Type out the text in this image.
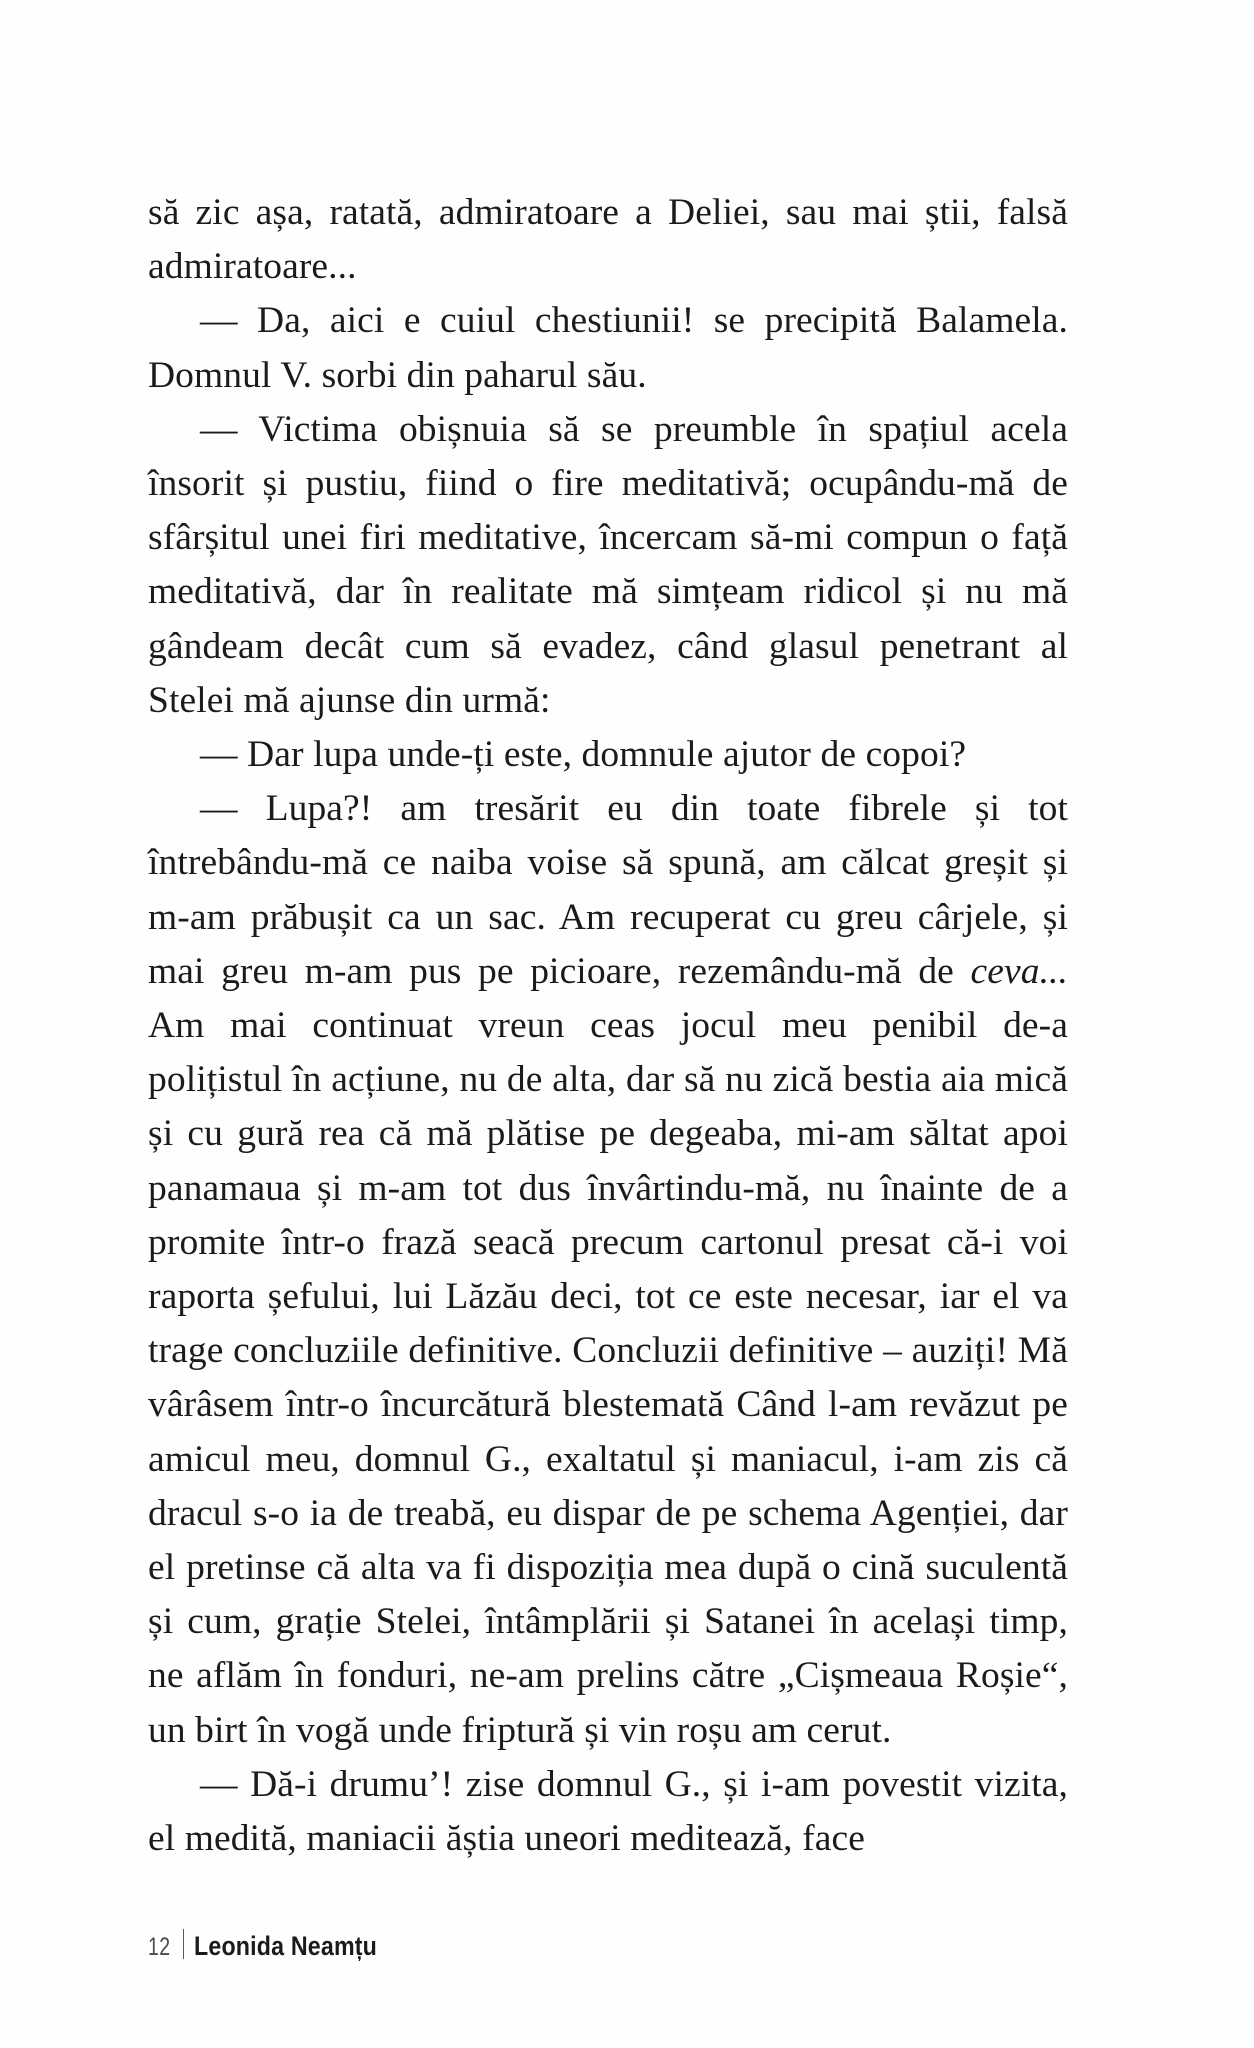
să zic așa, ratată, admiratoare a Deliei, sau mai știi, falsă admiratoare...

— Da, aici e cuiul chestiunii! se precipită Balamela. Domnul V. sorbi din paharul său.

— Victima obișnuia să se preumble în spațiul acela însorit și pustiu, fiind o fire meditativă; ocupându-mă de sfârșitul unei firi meditative, încercam să-mi compun o față meditativă, dar în realitate mă simțeam ridicol și nu mă gândeam decât cum să evadez, când glasul penetrant al Stelei mă ajunse din urmă:

— Dar lupa unde-ți este, domnule ajutor de copoi?

— Lupa?! am tresărit eu din toate fibrele și tot întrebându-mă ce naiba voise să spună, am călcat greșit și m-am prăbușit ca un sac. Am recuperat cu greu cârjele, și mai greu m-am pus pe picioare, rezemându-mă de ceva... Am mai continuat vreun ceas jocul meu penibil de-a polițistul în acțiune, nu de alta, dar să nu zică bestia aia mică și cu gură rea că mă plătise pe degeaba, mi-am săltat apoi panamaua și m-am tot dus învârtindu-mă, nu înainte de a promite într-o frază seacă precum cartonul presat că-i voi raporta șefului, lui Lăzău deci, tot ce este necesar, iar el va trage concluziile definitive. Concluzii definitive – auziți! Mă vârâsem într-o încurcătură blestemată Când l-am revăzut pe amicul meu, domnul G., exaltatul și maniacul, i-am zis că dracul s-o ia de treabă, eu dispar de pe schema Agenției, dar el pretinse că alta va fi dispoziția mea după o cină suculentă și cum, grație Stelei, întâmplării și Satanei în același timp, ne aflăm în fonduri, ne-am prelins către „Cișmeaua Roșie“, un birt în vogă unde friptură și vin roșu am cerut.

— Dă-i drumu’! zise domnul G., și i-am povestit vizita, el medită, maniacii ăștia uneori meditează, face

12 Leonida Neamțu
